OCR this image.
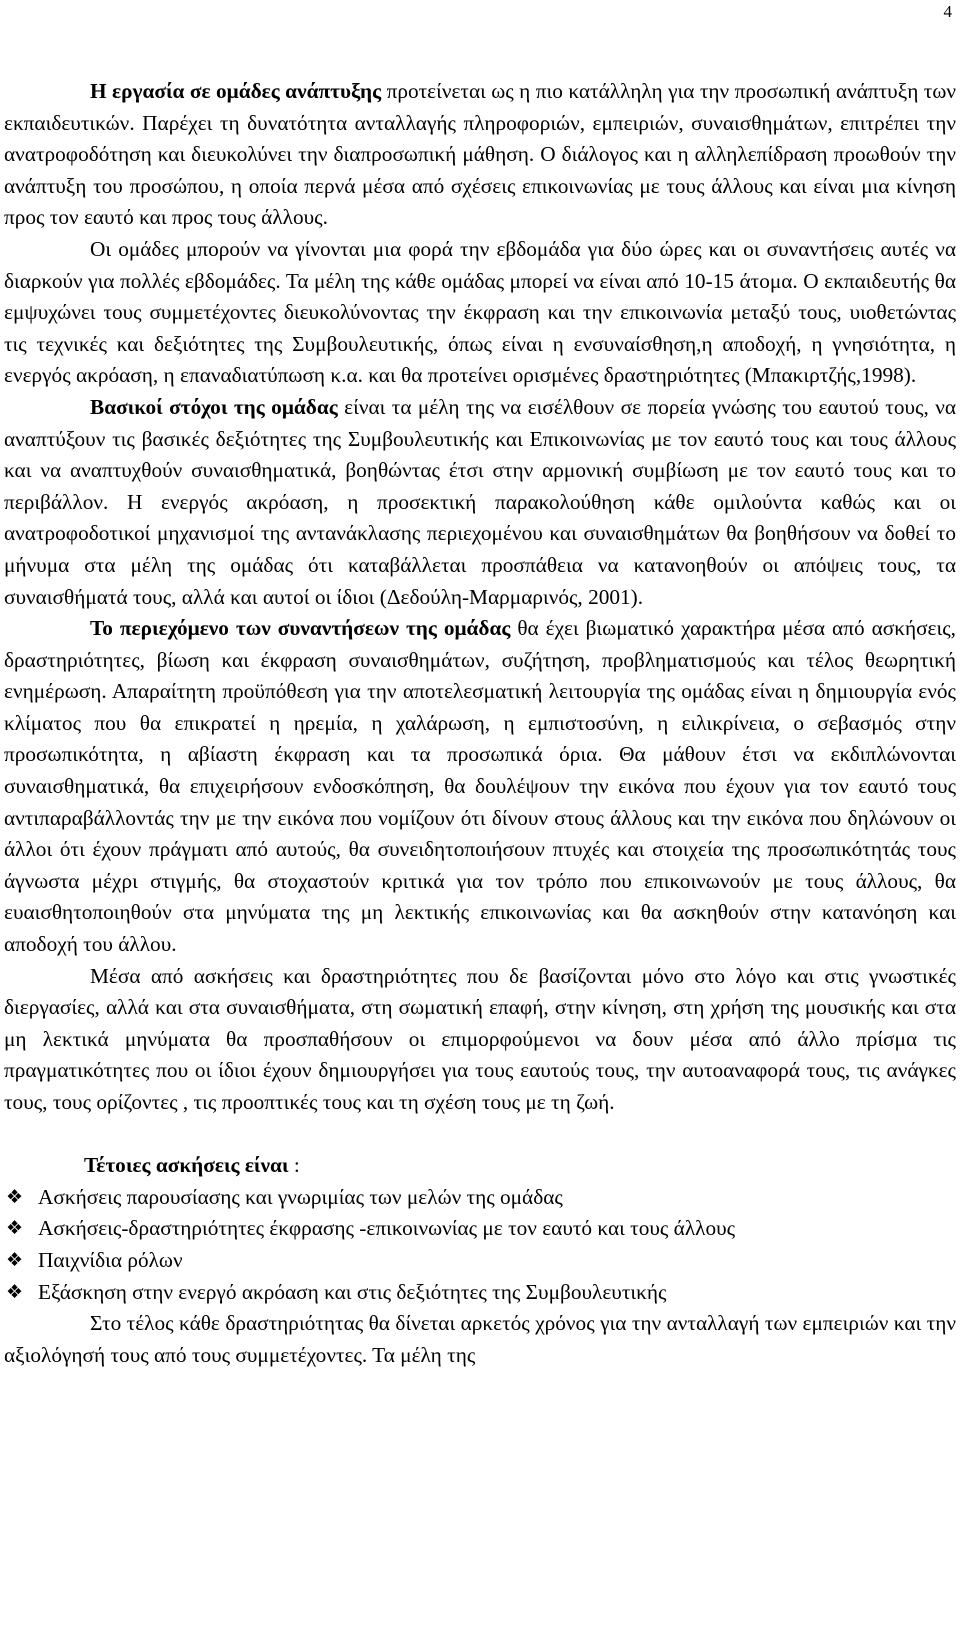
4

Η εργασία σε ομάδες ανάπτυξης προτείνεται ως η πιο κατάλληλη για την προσωπική ανάπτυξη των εκπαιδευτικών. Παρέχει τη δυνατότητα ανταλλαγής πληροφοριών, εμπειριών, συναισθημάτων, επιτρέπει την ανατροφοδότηση και διευκολύνει την διαπροσωπική μάθηση. Ο διάλογος και η αλληλεπίδραση προωθούν την ανάπτυξη του προσώπου, η οποία περνά μέσα από σχέσεις επικοινωνίας με τους άλλους και είναι μια κίνηση προς τον εαυτό και προς τους άλλους.

Οι ομάδες μπορούν να γίνονται μια φορά την εβδομάδα για δύο ώρες και οι συναντήσεις αυτές να διαρκούν για πολλές εβδομάδες. Τα μέλη της κάθε ομάδας μπορεί να είναι από 10-15 άτομα. Ο εκπαιδευτής θα εμψυχώνει τους συμμετέχοντες διευκολύνοντας την έκφραση και την επικοινωνία μεταξύ τους, υιοθετώντας τις τεχνικές και δεξιότητες της Συμβουλευτικής, όπως είναι η ενσυναίσθηση,η αποδοχή, η γνησιότητα, η ενεργός ακρόαση, η επαναδιατύπωση κ.α. και θα προτείνει ορισμένες δραστηριότητες (Μπακιρτζής,1998).

Βασικοί στόχοι της ομάδας είναι τα μέλη της να εισέλθουν σε πορεία γνώσης του εαυτού τους, να αναπτύξουν τις βασικές δεξιότητες της Συμβουλευτικής και Επικοινωνίας με τον εαυτό τους και τους άλλους και να αναπτυχθούν συναισθηματικά, βοηθώντας έτσι στην αρμονική συμβίωση με τον εαυτό τους και το περιβάλλον. Η ενεργός ακρόαση, η προσεκτική παρακολούθηση κάθε ομιλούντα καθώς και οι ανατροφοδοτικοί μηχανισμοί της αντανάκλασης περιεχομένου και συναισθημάτων θα βοηθήσουν να δοθεί το μήνυμα στα μέλη της ομάδας ότι καταβάλλεται προσπάθεια να κατανοηθούν οι απόψεις τους, τα συναισθήματά τους, αλλά και αυτοί οι ίδιοι (Δεδούλη-Μαρμαρινός, 2001).

Το περιεχόμενο των συναντήσεων της ομάδας θα έχει βιωματικό χαρακτήρα μέσα από ασκήσεις, δραστηριότητες, βίωση και έκφραση συναισθημάτων, συζήτηση, προβληματισμούς και τέλος θεωρητική ενημέρωση. Απαραίτητη προϋπόθεση για την αποτελεσματική λειτουργία της ομάδας είναι η δημιουργία ενός κλίματος που θα επικρατεί η ηρεμία, η χαλάρωση, η εμπιστοσύνη, η ειλικρίνεια, ο σεβασμός στην προσωπικότητα, η αβίαστη έκφραση και τα προσωπικά όρια. Θα μάθουν έτσι να εκδιπλώνονται συναισθηματικά, θα επιχειρήσουν ενδοσκόπηση, θα δουλέψουν την εικόνα που έχουν για τον εαυτό τους αντιπαραβάλλοντάς την με την εικόνα που νομίζουν ότι δίνουν στους άλλους και την εικόνα που δηλώνουν οι άλλοι ότι έχουν πράγματι από αυτούς, θα συνειδητοποιήσουν πτυχές και στοιχεία της προσωπικότητάς τους άγνωστα μέχρι στιγμής, θα στοχαστούν κριτικά για τον τρόπο που επικοινωνούν με τους άλλους, θα ευαισθητοποιηθούν στα μηνύματα της μη λεκτικής επικοινωνίας και θα ασκηθούν στην κατανόηση και αποδοχή του άλλου.

Μέσα από ασκήσεις και δραστηριότητες που δε βασίζονται μόνο στο λόγο και στις γνωστικές διεργασίες, αλλά και στα συναισθήματα, στη σωματική επαφή, στην κίνηση, στη χρήση της μουσικής και στα μη λεκτικά μηνύματα θα προσπαθήσουν οι επιμορφούμενοι να δουν μέσα από άλλο πρίσμα τις πραγματικότητες που οι ίδιοι έχουν δημιουργήσει για τους εαυτούς τους, την αυτοαναφορά τους, τις ανάγκες τους, τους ορίζοντες , τις προοπτικές τους και τη σχέση τους με τη ζωή.

Τέτοιες ασκήσεις είναι :
❖ Ασκήσεις παρουσίασης και γνωριμίας των μελών της ομάδας
❖ Ασκήσεις-δραστηριότητες έκφρασης -επικοινωνίας με τον εαυτό και τους άλλους
❖ Παιχνίδια ρόλων
❖ Εξάσκηση στην ενεργό ακρόαση και στις δεξιότητες της Συμβουλευτικής

Στο τέλος κάθε δραστηριότητας θα δίνεται αρκετός χρόνος για την ανταλλαγή των εμπειριών και την αξιολόγησή τους από τους συμμετέχοντες. Τα μέλη της
